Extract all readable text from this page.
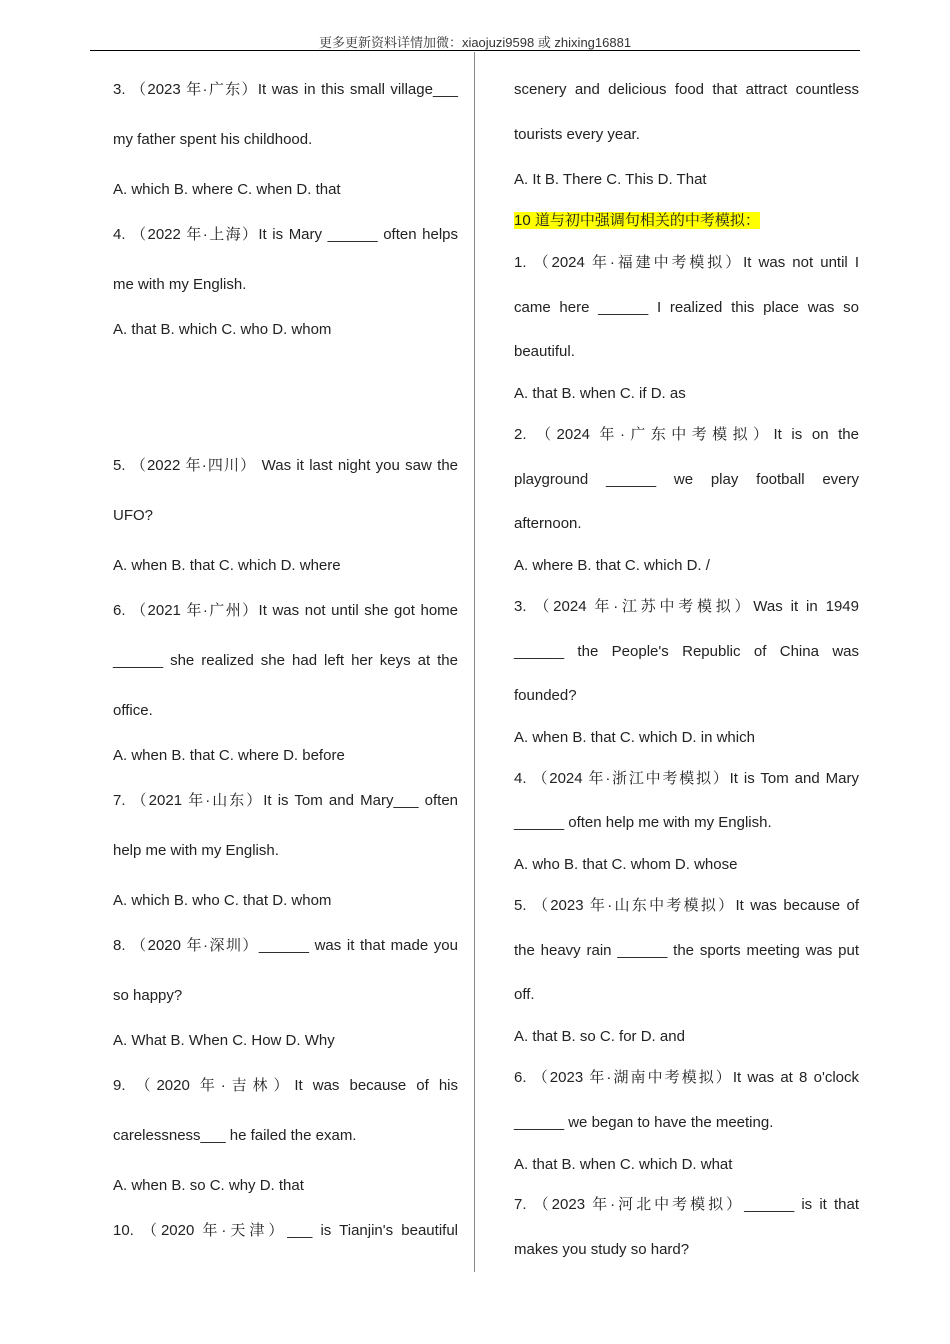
更多更新资料详情加微：xiaojuzi9598 或 zhixing16881
3. （2023 年·广东）It was in this small village___
my father spent his childhood.
A. which B. where C. when D. that
4. （2022 年·上海）It is Mary ______ often helps
me with my English.
A. that B. which C. who D. whom
5. （2022 年·四川） Was it last night you saw the
UFO?
A. when B. that C. which D. where
6. （2021 年·广州）It was not until she got home
______ she realized she had left her keys at the
office.
A. when B. that C. where D. before
7. （2021 年·山东）It is Tom and Mary___ often
help me with my English.
A. which B. who C. that D. whom
8. （2020 年·深圳）______ was it that made you
so happy?
A. What B. When C. How D. Why
9. （2020 年·吉林）It was because of his
carelessness___ he failed the exam.
A. when B. so C. why D. that
10. （2020 年·天津）___ is Tianjin's beautiful
scenery and delicious food that attract countless
tourists every year.
A. It B. There C. This D. That
10 道与初中强调句相关的中考模拟：
1. （2024 年·福建中考模拟）It was not until I
came here ______ I realized this place was so
beautiful.
A. that B. when C. if D. as
2. （2024 年·广东中考模拟）It is on the
playground ______ we play football every
afternoon.
A. where B. that C. which D. /
3. （2024 年·江苏中考模拟）Was it in 1949
______ the People's Republic of China was
founded?
A. when B. that C. which D. in which
4. （2024 年·浙江中考模拟）It is Tom and Mary
______ often help me with my English.
A. who B. that C. whom D. whose
5. （2023 年·山东中考模拟）It was because of
the heavy rain ______ the sports meeting was put
off.
A. that B. so C. for D. and
6. （2023 年·湖南中考模拟）It was at 8 o'clock
______ we began to have the meeting.
A. that B. when C. which D. what
7. （2023 年·河北中考模拟）______ is it that
makes you study so hard?
